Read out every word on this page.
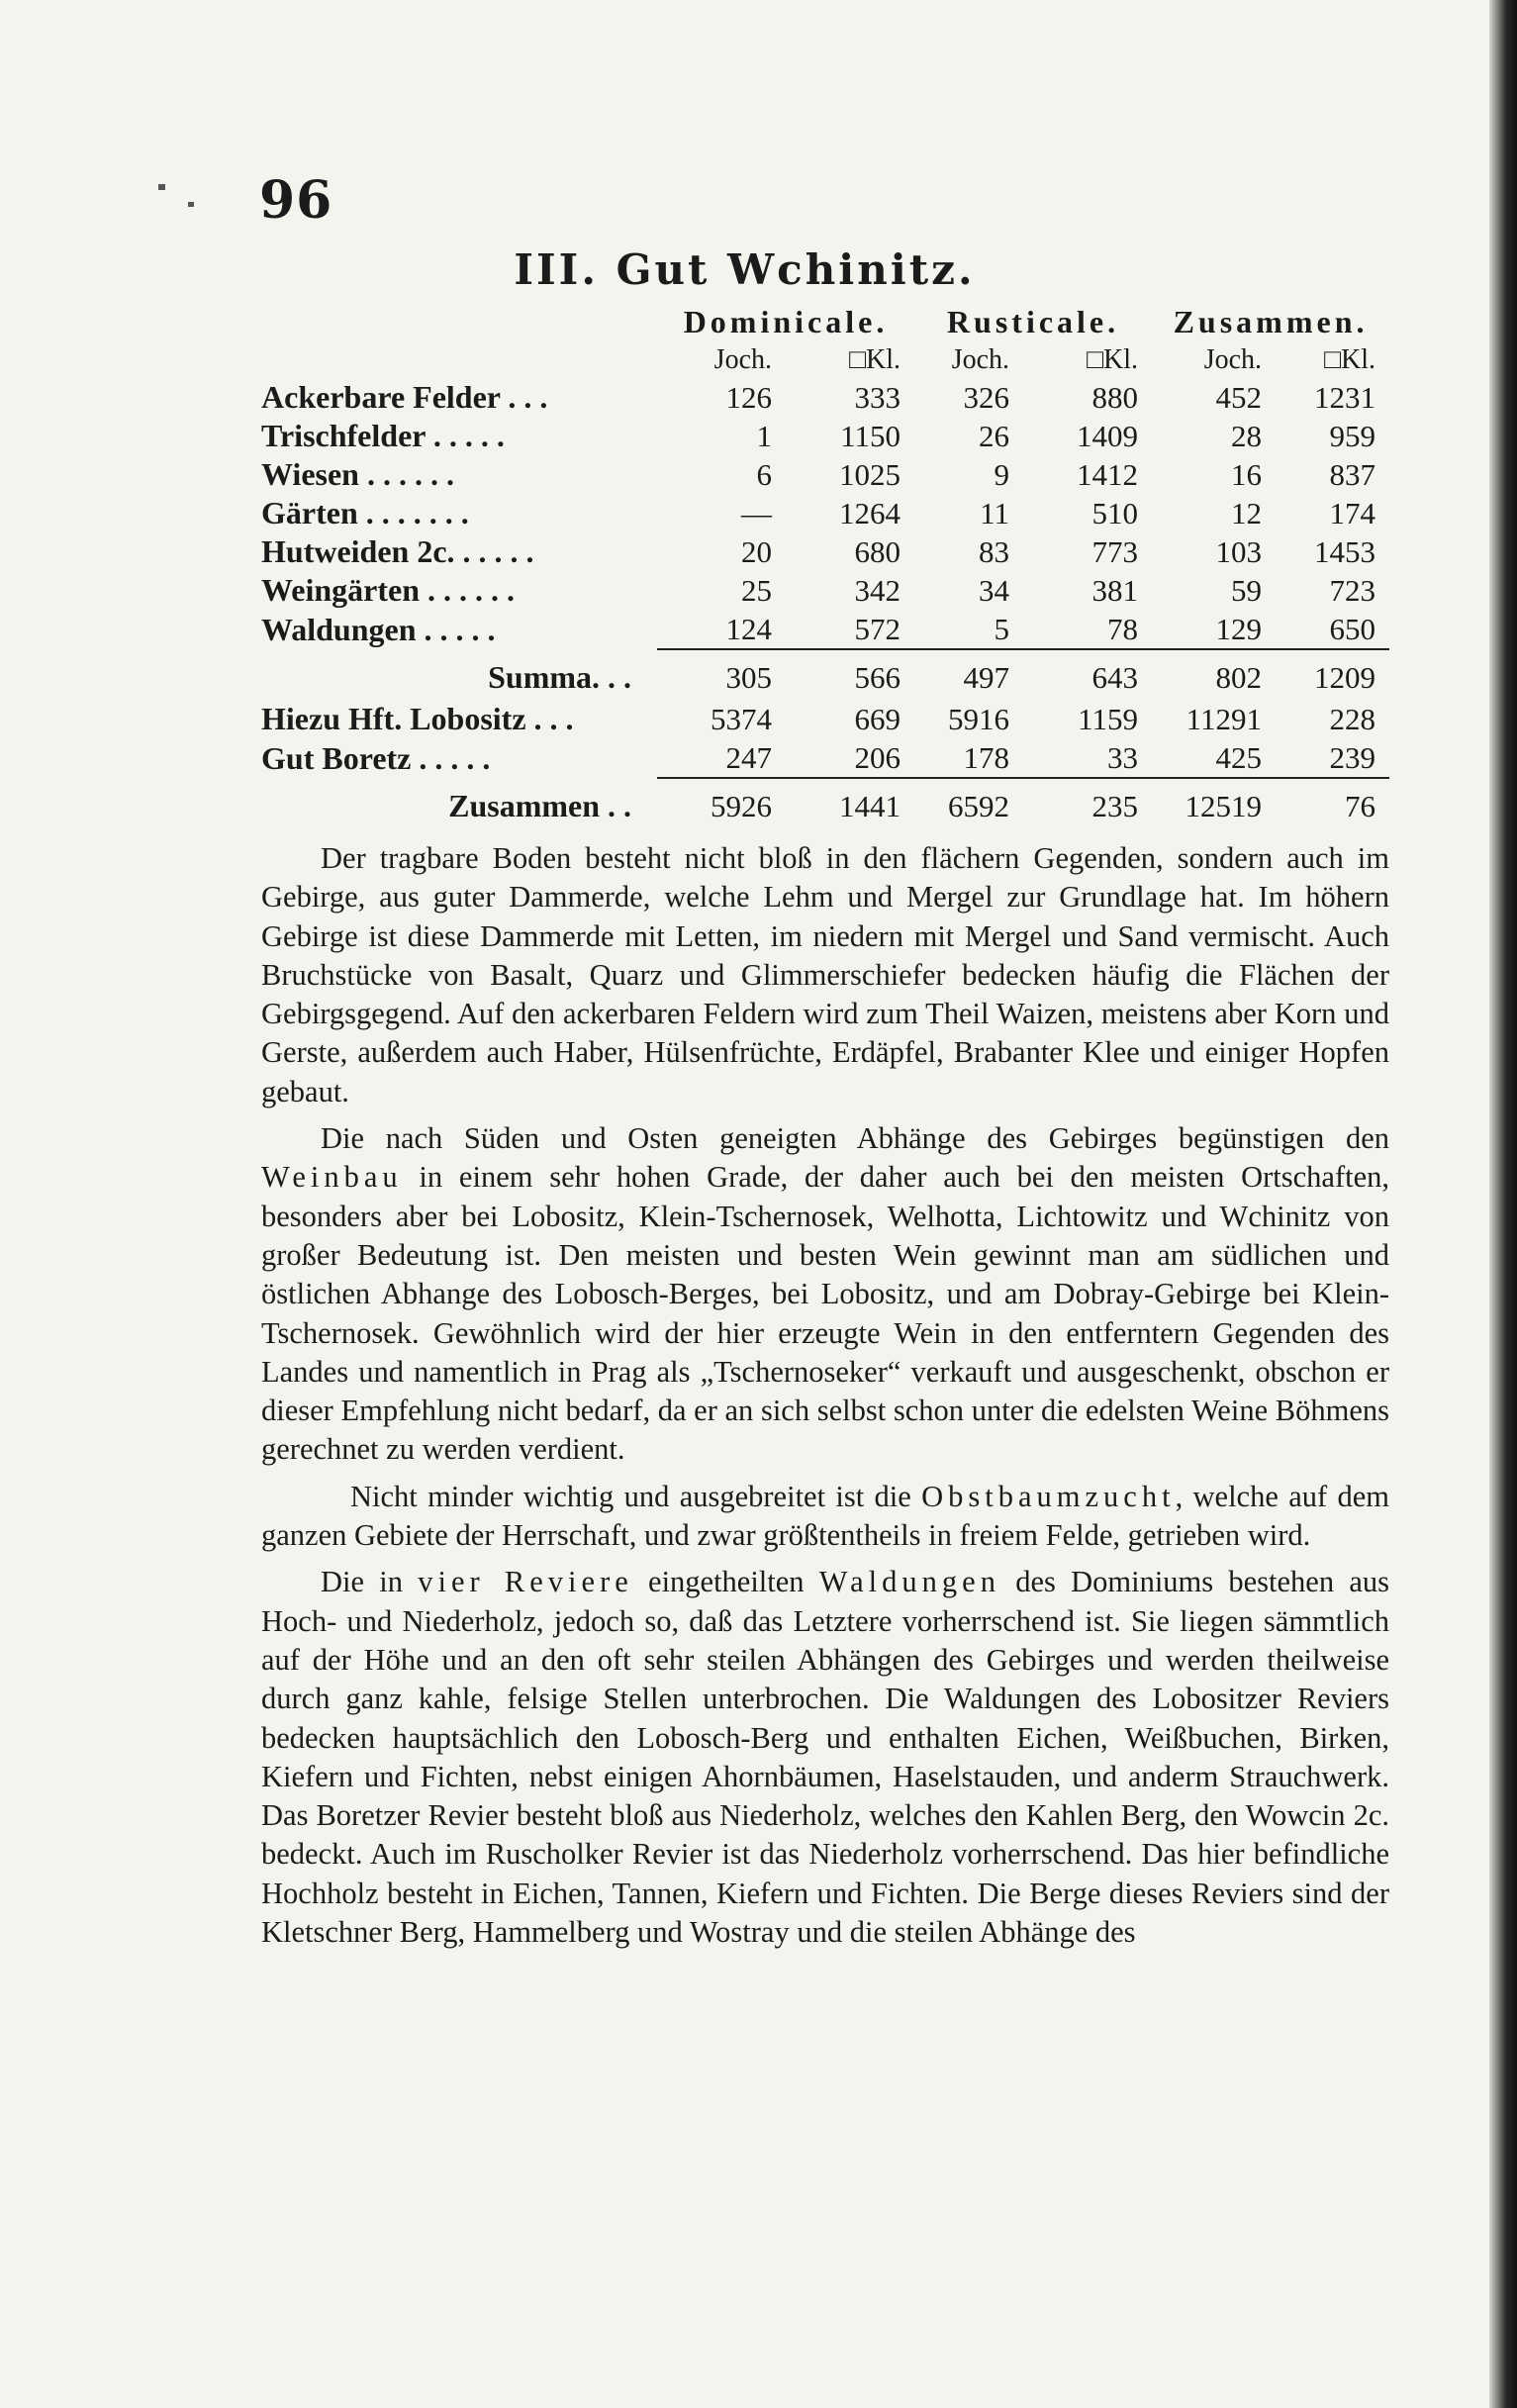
96
III. Gut Wchinitz.
	Dominicale.		Rusticale.		Zusammen.	
	Joch.	□Kl.	Joch.	□Kl.	Joch.	□Kl.
Ackerbare Felder . . .	126	333	326	880	452	1231
Trischfelder . . . . .	1	1150	26	1409	28	959
Wiesen . . . . . .	6	1025	9	1412	16	837
Gärten . . . . . . .	—	1264	11	510	12	174
Hutweiden 2c. . . . . .	20	680	83	773	103	1453
Weingärten . . . . . .	25	342	34	381	59	723
Waldungen . . . . .	124	572	5	78	129	650
Summa. . .	305	566	497	643	802	1209
Hiezu Hft. Lobositz . . .	5374	669	5916	1159	11291	228
Gut Boretz . . . . .	247	206	178	33	425	239
Zusammen . .	5926	1441	6592	235	12519	76

Der tragbare Boden besteht nicht bloß in den flächern Gegenden, sondern auch im Gebirge, aus guter Dammerde, welche Lehm und Mergel zur Grundlage hat. Im höhern Gebirge ist diese Dammerde mit Letten, im niedern mit Mergel und Sand vermischt. Auch Bruchstücke von Basalt, Quarz und Glimmerschiefer bedecken häufig die Flächen der Gebirgsgegend. Auf den ackerbaren Feldern wird zum Theil Waizen, meistens aber Korn und Gerste, außerdem auch Haber, Hülsenfrüchte, Erdäpfel, Brabanter Klee und einiger Hopfen gebaut.

Die nach Süden und Osten geneigten Abhänge des Gebirges begünstigen den Weinbau in einem sehr hohen Grade, der daher auch bei den meisten Ortschaften, besonders aber bei Lobositz, Klein-Tschernosek, Welhotta, Lichtowitz und Wchinitz von großer Bedeutung ist. Den meisten und besten Wein gewinnt man am südlichen und östlichen Abhange des Lobosch-Berges, bei Lobositz, und am Dobray-Gebirge bei Klein-Tschernosek. Gewöhnlich wird der hier erzeugte Wein in den entferntern Gegenden des Landes und namentlich in Prag als „Tschernoseker“ verkauft und ausgeschenkt, obschon er dieser Empfehlung nicht bedarf, da er an sich selbst schon unter die edelsten Weine Böhmens gerechnet zu werden verdient.

Nicht minder wichtig und ausgebreitet ist die Obstbaumzucht, welche auf dem ganzen Gebiete der Herrschaft, und zwar größtentheils in freiem Felde, getrieben wird.

Die in vier Reviere eingetheilten Waldungen des Dominiums bestehen aus Hoch- und Niederholz, jedoch so, daß das Letztere vorherrschend ist. Sie liegen sämmtlich auf der Höhe und an den oft sehr steilen Abhängen des Gebirges und werden theilweise durch ganz kahle, felsige Stellen unterbrochen. Die Waldungen des Lobositzer Reviers bedecken hauptsächlich den Lobosch-Berg und enthalten Eichen, Weißbuchen, Birken, Kiefern und Fichten, nebst einigen Ahornbäumen, Haselstauden, und anderm Strauchwerk. Das Boretzer Revier besteht bloß aus Niederholz, welches den Kahlen Berg, den Wowcin 2c. bedeckt. Auch im Ruscholker Revier ist das Niederholz vorherrschend. Das hier befindliche Hochholz besteht in Eichen, Tannen, Kiefern und Fichten. Die Berge dieses Reviers sind der Kletschner Berg, Hammelberg und Wostray und die steilen Abhänge des
